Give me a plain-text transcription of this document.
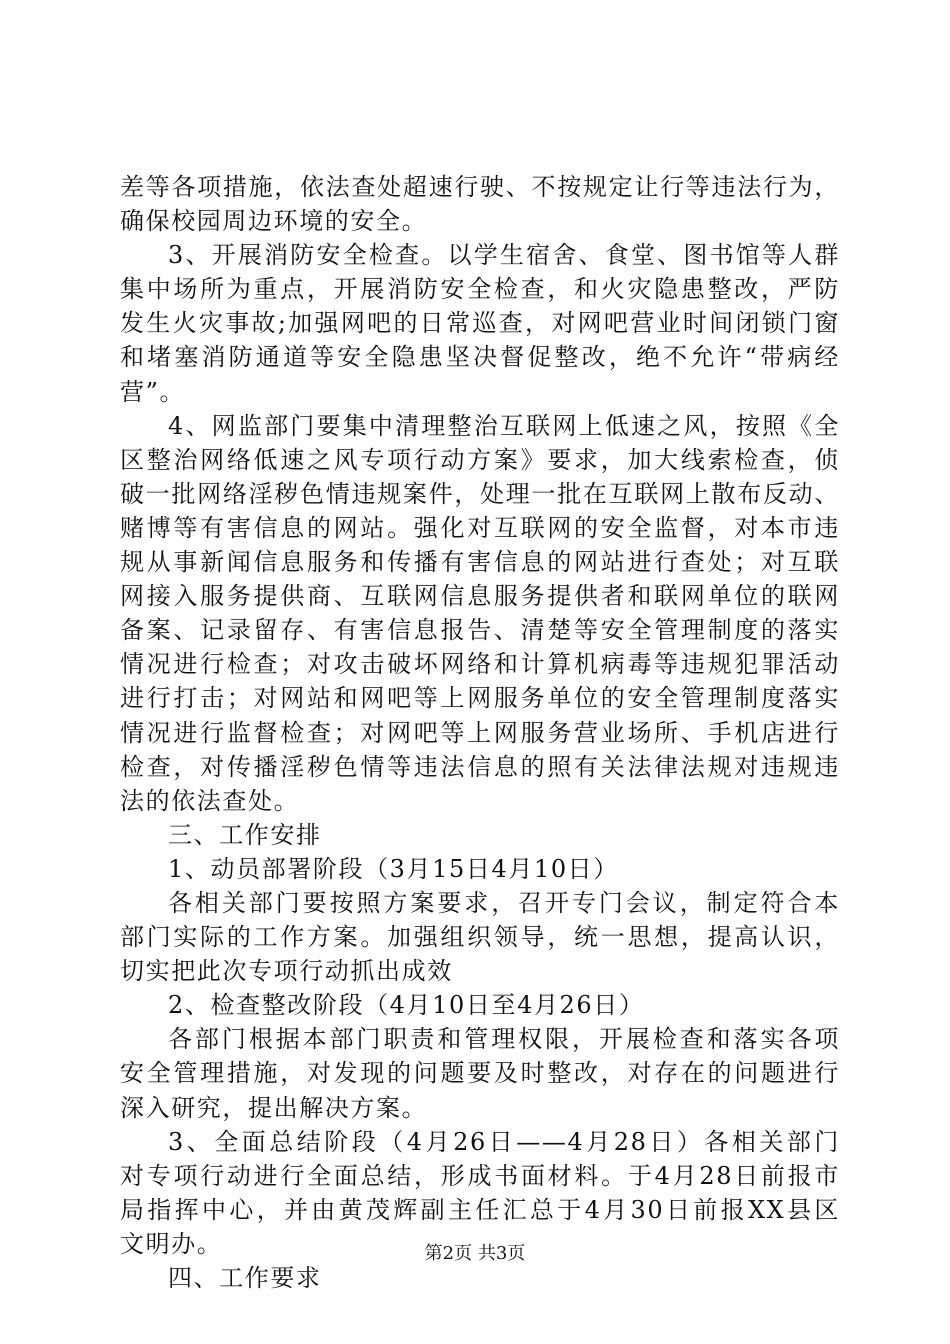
差等各项措施，依法查处超速行驶、不按规定让行等违法行为，
确保校园周边环境的安全。
3、开展消防安全检查。以学生宿舍、食堂、图书馆等人群
集中场所为重点，开展消防安全检查，和火灾隐患整改，严防
发生火灾事故;加强网吧的日常巡查，对网吧营业时间闭锁门窗
和堵塞消防通道等安全隐患坚决督促整改，绝不允许“带病经
营”。
4、网监部门要集中清理整治互联网上低速之风，按照《全
区整治网络低速之风专项行动方案》要求，加大线索检查，侦
破一批网络淫秽色情违规案件，处理一批在互联网上散布反动、
赌博等有害信息的网站。强化对互联网的安全监督，对本市违
规从事新闻信息服务和传播有害信息的网站进行查处；对互联
网接入服务提供商、互联网信息服务提供者和联网单位的联网
备案、记录留存、有害信息报告、清楚等安全管理制度的落实
情况进行检查；对攻击破坏网络和计算机病毒等违规犯罪活动
进行打击；对网站和网吧等上网服务单位的安全管理制度落实
情况进行监督检查；对网吧等上网服务营业场所、手机店进行
检查，对传播淫秽色情等违法信息的照有关法律法规对违规违
法的依法查处。
三、工作安排
1、动员部署阶段（3月15日4月10日）
各相关部门要按照方案要求，召开专门会议，制定符合本
部门实际的工作方案。加强组织领导，统一思想，提高认识，
切实把此次专项行动抓出成效
2、检查整改阶段（4月10日至4月26日）
各部门根据本部门职责和管理权限，开展检查和落实各项
安全管理措施，对发现的问题要及时整改，对存在的问题进行
深入研究，提出解决方案。
3、全面总结阶段（4月26日——4月28日）各相关部门
对专项行动进行全面总结，形成书面材料。于4月28日前报市
局指挥中心，并由黄茂辉副主任汇总于4月30日前报XX县区
文明办。
四、工作要求
第2页 共3页
